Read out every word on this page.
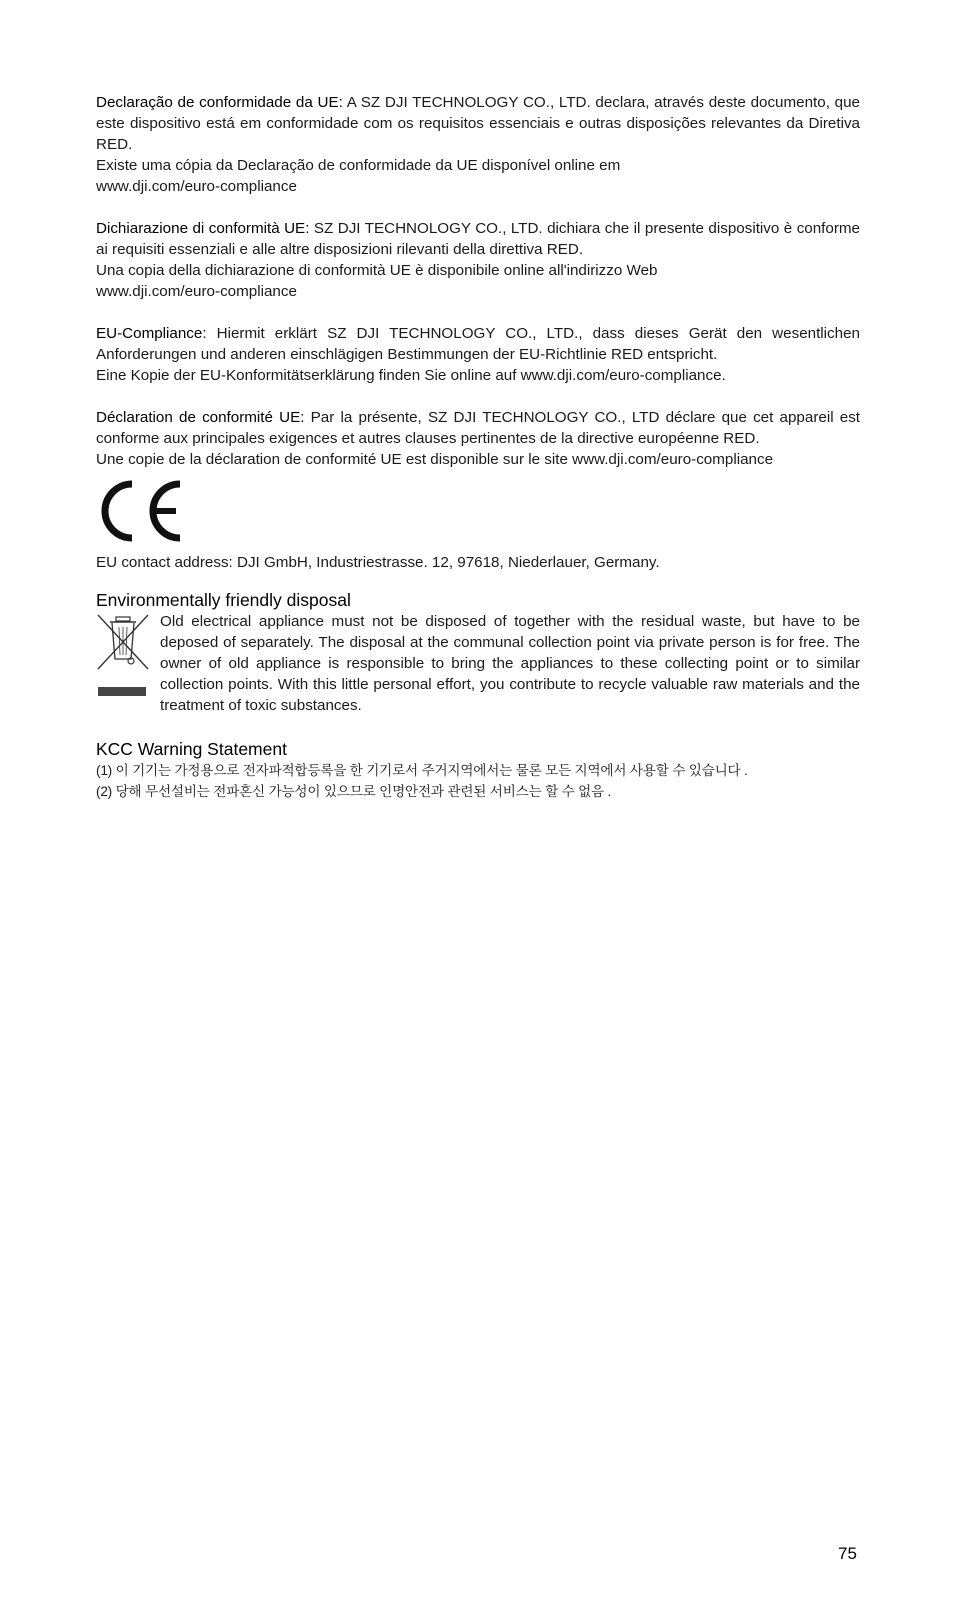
Declaração de conformidade da UE: A SZ DJI TECHNOLOGY CO., LTD. declara, através deste documento, que este dispositivo está em conformidade com os requisitos essenciais e outras disposições relevantes da Diretiva RED.

Existe uma cópia da Declaração de conformidade da UE disponível online em

www.dji.com/euro-compliance

Dichiarazione di conformità UE: SZ DJI TECHNOLOGY CO., LTD. dichiara che il presente dispositivo è conforme ai requisiti essenziali e alle altre disposizioni rilevanti della direttiva RED.

Una copia della dichiarazione di conformità UE è disponibile online all'indirizzo Web

www.dji.com/euro-compliance

EU-Compliance: Hiermit erklärt SZ DJI TECHNOLOGY CO., LTD., dass dieses Gerät den wesentlichen Anforderungen und anderen einschlägigen Bestimmungen der EU-Richtlinie RED entspricht.

Eine Kopie der EU-Konformitätserklärung finden Sie online auf www.dji.com/euro-compliance.

Déclaration de conformité UE: Par la présente, SZ DJI TECHNOLOGY CO., LTD déclare que cet appareil est conforme aux principales exigences et autres clauses pertinentes de la directive européenne RED.

Une copie de la déclaration de conformité UE est disponible sur le site www.dji.com/euro-compliance

EU contact address: DJI GmbH, Industriestrasse. 12, 97618, Niederlauer, Germany.

Environmentally friendly disposal

Old electrical appliance must not be disposed of together with the residual waste, but have to be deposed of separately. The disposal at the communal collection point via private person is for free. The owner of old appliance is responsible to bring the appliances to these collecting point or to similar collection points. With this little personal effort, you contribute to recycle valuable raw materials and the treatment of toxic substances.

KCC Warning Statement

(1) 이 기기는 가정용으로 전자파적합등록을 한 기기로서 주거지역에서는 물론 모든 지역에서 사용할 수 있습니다 .

(2) 당해 무선설비는 전파혼신 가능성이 있으므로 인명안전과 관련된 서비스는 할 수 없음 .

75
